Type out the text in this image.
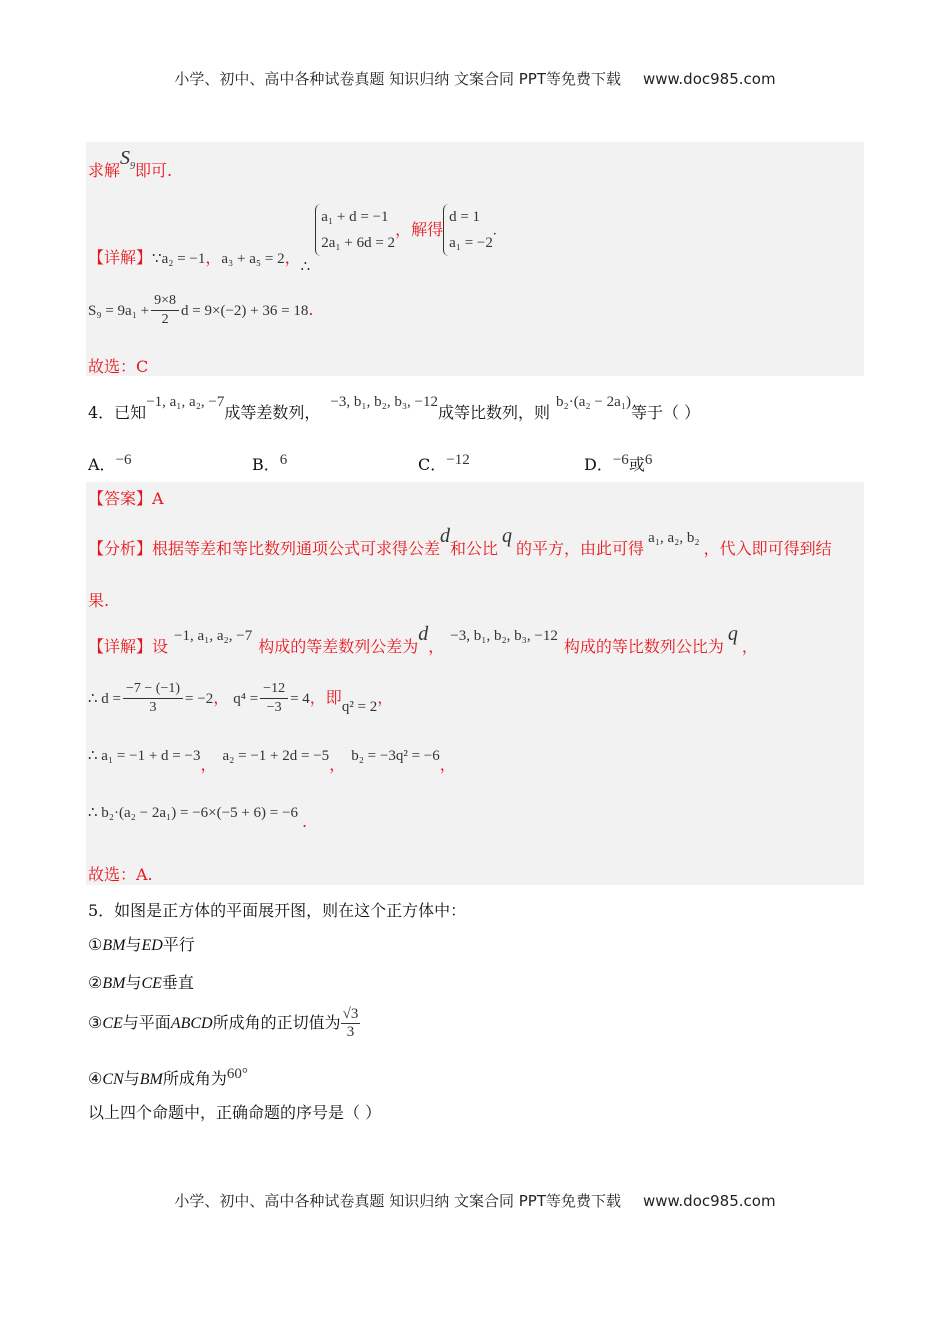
小学、初中、高中各种试卷真题 知识归纳 文案合同 PPT等免费下载 www.doc985.com
求解$S_9$即可.
【详解】∵a₂ = −1，a₃ + a₅ = 2，∴
a₁ + d = −1
2a₁ + 6d = 2
，解得
d = 1
a₁ = −2
.
$S_9 = 9a_1 + \frac{9\times 8}{2}$ d = 9×(−2) + 36 = 18.
故选：C
4．已知−1, a₁, a₂, −7成等差数列，−3, b₁, b₂, b₃, −12成等比数列，则b₂·(a₂ − 2a₁)等于（ ）
A．−6	B．6	C．−12	D．−6或6
【答案】A
【分析】根据等差和等比数列通项公式可求得公差d和公比q的平方，由此可得a₁, a₂, b₂，代入即可得到结
果.
【详解】设−1, a₁, a₂, −7构成的等差数列公差为d，−3, b₁, b₂, b₃, −12构成的等比数列公比为q，
∴ $d = \frac{-7 - (-1)}{3} = -2$， $q^4 = \frac{-12}{-3} = 4$，即q² = 2，
∴ a₁ = −1 + d = −3， a₂ = −1 + 2d = −5， b₂ = −3q² = −6，
∴ b₂·(a₂ − 2a₁) = −6×(−5 + 6) = −6 .
故选：A.
5．如图是正方体的平面展开图，则在这个正方体中：
①BM与ED平行
②BM与CE垂直
③CE与平面ABCD所成角的正切值为 $\frac{√3}{3}$
④CN与BM所成角为60°
以上四个命题中，正确命题的序号是（ ）
小学、初中、高中各种试卷真题 知识归纳 文案合同 PPT等免费下载 www.doc985.com
